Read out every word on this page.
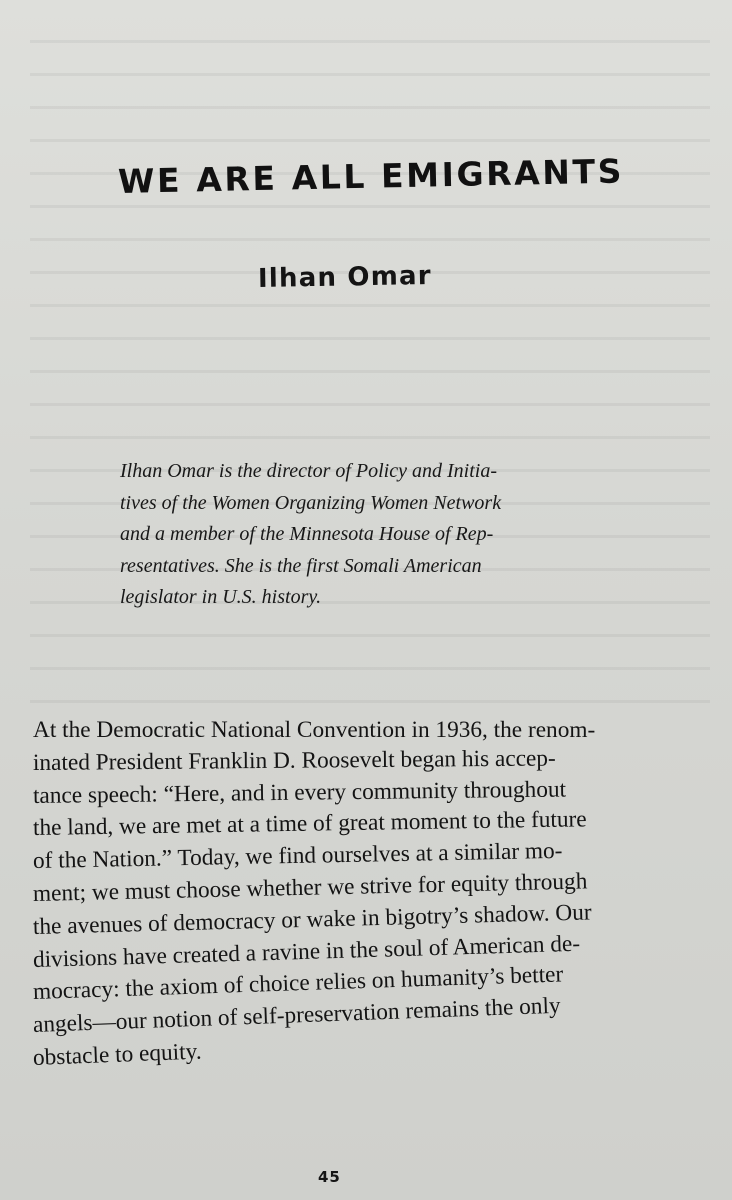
WE ARE ALL EMIGRANTS
Ilhan Omar
Ilhan Omar is the director of Policy and Initia-
tives of the Women Organizing Women Network
and a member of the Minnesota House of Rep-
resentatives. She is the first Somali American
legislator in U.S. history.
At the Democratic National Convention in 1936, the renom-
inated President Franklin D. Roosevelt began his accep-
tance speech: “Here, and in every community throughout
the land, we are met at a time of great moment to the future
of the Nation.” Today, we find ourselves at a similar mo-
ment; we must choose whether we strive for equity through
the avenues of democracy or wake in bigotry’s shadow. Our
divisions have created a ravine in the soul of American de-
mocracy: the axiom of choice relies on humanity’s better
angels—our notion of self-preservation remains the only
obstacle to equity.

45
